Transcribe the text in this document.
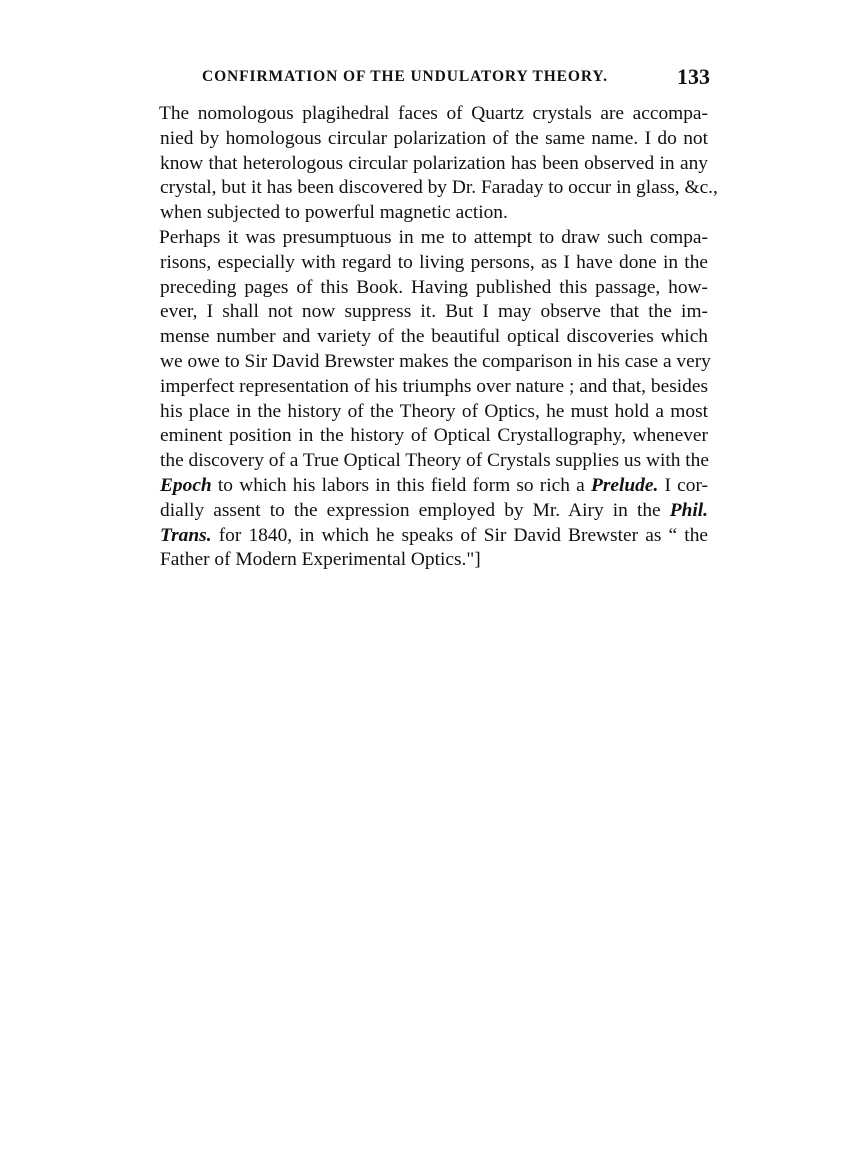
CONFIRMATION OF THE UNDULATORY THEORY.	133
The nomologous plagihedral faces of Quartz crystals are accompa-
nied by homologous circular polarization of the same name. I do not
know that heterologous circular polarization has been observed in any
crystal, but it has been discovered by Dr. Faraday to occur in glass, &c.,
when subjected to powerful magnetic action.
Perhaps it was presumptuous in me to attempt to draw such compa-
risons, especially with regard to living persons, as I have done in the
preceding pages of this Book. Having published this passage, how-
ever, I shall not now suppress it. But I may observe that the im-
mense number and variety of the beautiful optical discoveries which
we owe to Sir David Brewster makes the comparison in his case a very
imperfect representation of his triumphs over nature ; and that, besides
his place in the history of the Theory of Optics, he must hold a most
eminent position in the history of Optical Crystallography, whenever
the discovery of a True Optical Theory of Crystals supplies us with the
Epoch to which his labors in this field form so rich a Prelude. I cor-
dially assent to the expression employed by Mr. Airy in the Phil.
Trans. for 1840, in which he speaks of Sir David Brewster as “ the
Father of Modern Experimental Optics."]
